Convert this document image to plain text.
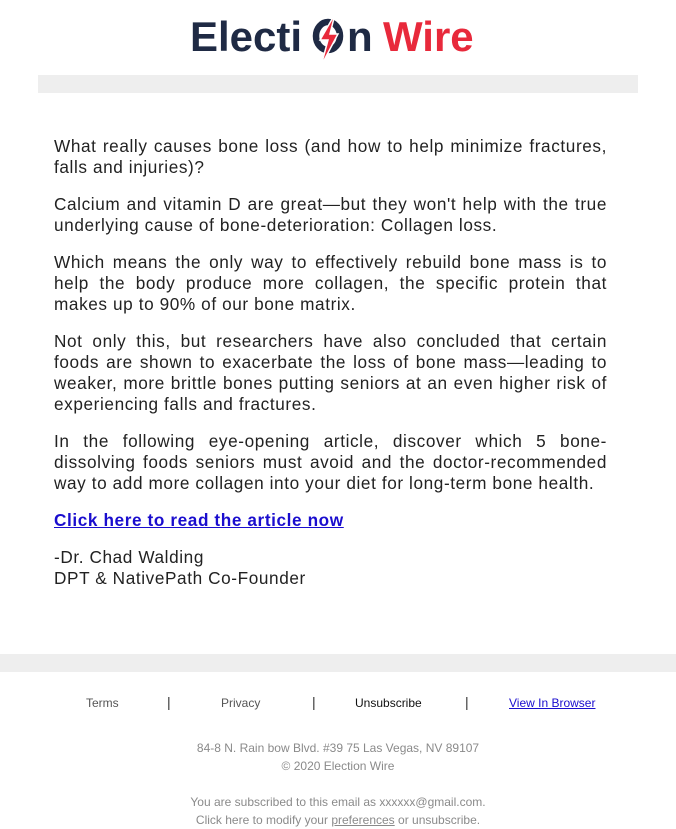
Electi n Wire

What really causes bone loss (and how to help minimize fractures, falls and injuries)?

Calcium and vitamin D are great—but they won't help with the true underlying cause of bone-deterioration: Collagen loss.

Which means the only way to effectively rebuild bone mass is to help the body produce more collagen, the specific protein that makes up to 90% of our bone matrix.

Not only this, but researchers have also concluded that certain foods are shown to exacerbate the loss of bone mass—leading to weaker, more brittle bones putting seniors at an even higher risk of experiencing falls and fractures.

In the following eye-opening article, discover which 5 bone-dissolving foods seniors must avoid and the doctor-recommended way to add more collagen into your diet for long-term bone health.

Click here to read the article now

-Dr. Chad Walding
DPT & NativePath Co-Founder

Terms	|	Privacy	|	Unsubscribe	|	View In Browser
84-8 N. Rain bow Blvd. #39 75 Las Vegas, NV 89107
© 2020 Election Wire
You are subscribed to this email as xxxxxx@gmail.com.
Click here to modify your preferences or unsubscribe.
